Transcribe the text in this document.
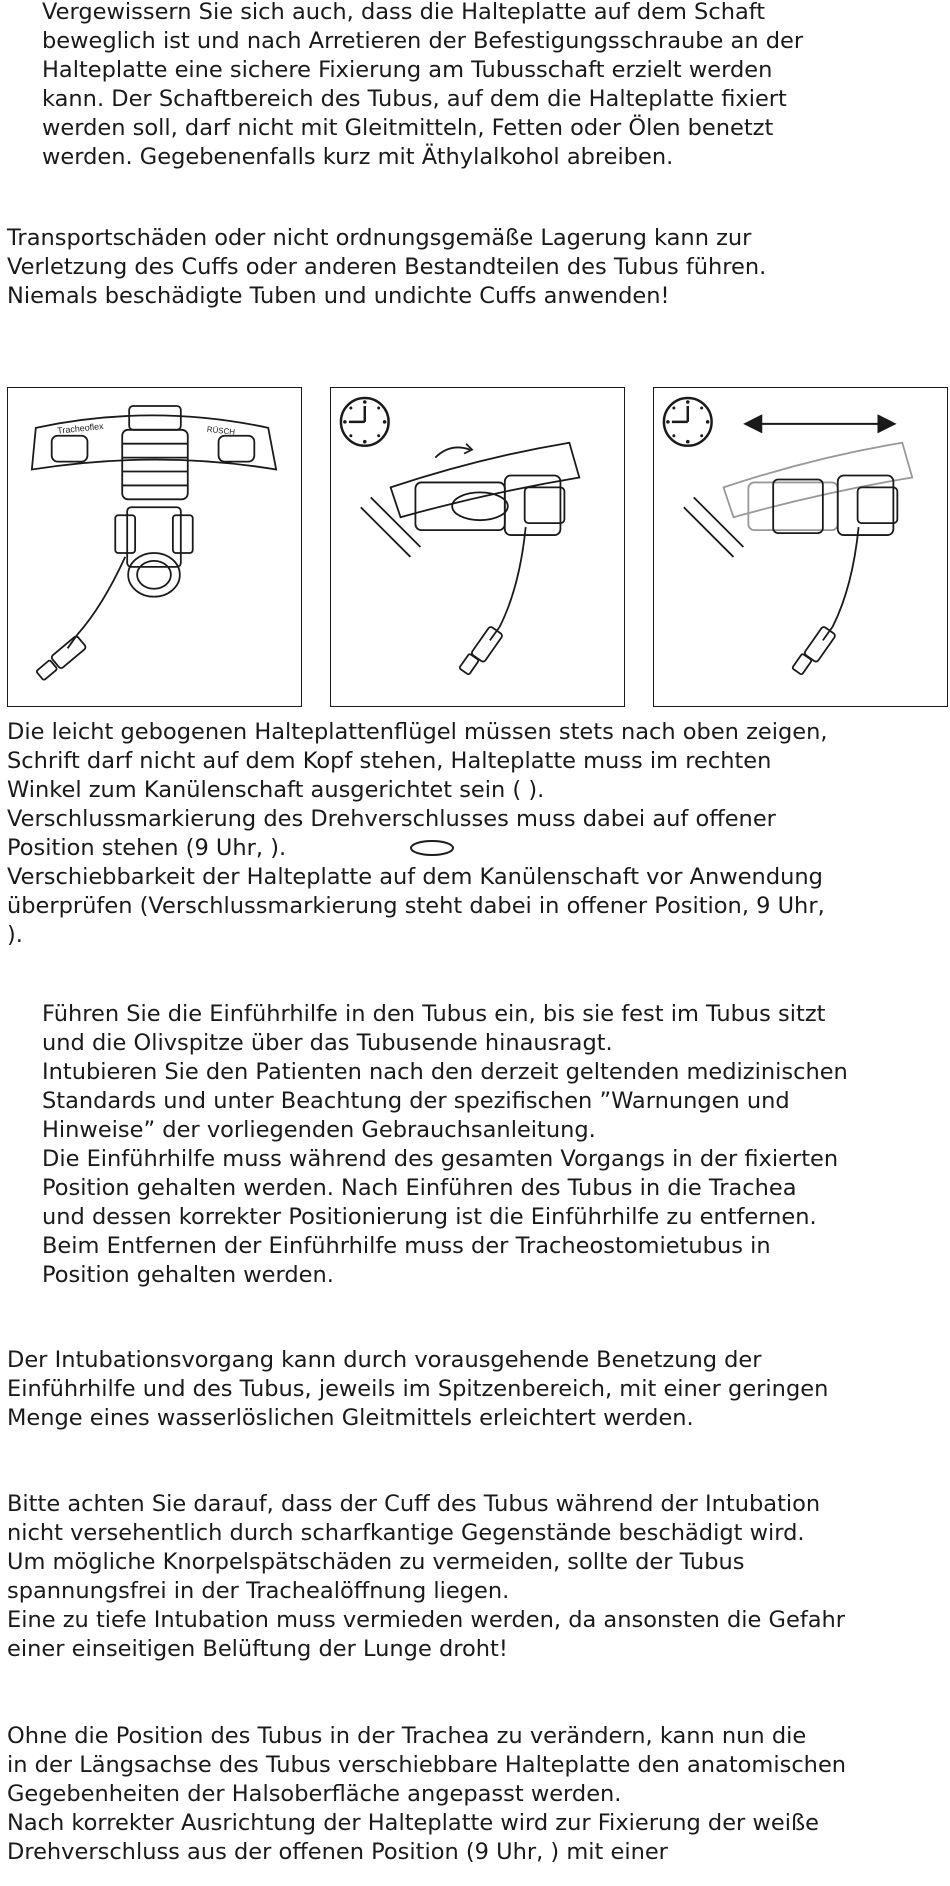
Vergewissern Sie sich auch, dass die Halteplatte auf dem Schaft
beweglich ist und nach Arretieren der Befestigungsschraube an der
Halteplatte eine sichere Fixierung am Tubusschaft erzielt werden
kann. Der Schaftbereich des Tubus, auf dem die Halteplatte fixiert
werden soll, darf nicht mit Gleitmitteln, Fetten oder Ölen benetzt
werden. Gegebenenfalls kurz mit Äthylalkohol abreiben.
Transportschäden oder nicht ordnungsgemäße Lagerung kann zur
Verletzung des Cuffs oder anderen Bestandteilen des Tubus führen.
Niemals beschädigte Tuben und undichte Cuffs anwenden!
Tracheoflex	RÜSCH
Die leicht gebogenen Halteplattenflügel müssen stets nach oben zeigen,
Schrift darf nicht auf dem Kopf stehen, Halteplatte muss im rechten
Winkel zum Kanülenschaft ausgerichtet sein ( ).
Verschlussmarkierung des Drehverschlusses muss dabei auf offener
Position stehen (9 Uhr, ).
Verschiebbarkeit der Halteplatte auf dem Kanülenschaft vor Anwendung
überprüfen (Verschlussmarkierung steht dabei in offener Position, 9 Uhr,
).
Führen Sie die Einführhilfe in den Tubus ein, bis sie fest im Tubus sitzt
und die Olivspitze über das Tubusende hinausragt.
Intubieren Sie den Patienten nach den derzeit geltenden medizinischen
Standards und unter Beachtung der spezifischen ”Warnungen und
Hinweise” der vorliegenden Gebrauchsanleitung.
Die Einführhilfe muss während des gesamten Vorgangs in der fixierten
Position gehalten werden. Nach Einführen des Tubus in die Trachea
und dessen korrekter Positionierung ist die Einführhilfe zu entfernen.
Beim Entfernen der Einführhilfe muss der Tracheostomietubus in
Position gehalten werden.
Der Intubationsvorgang kann durch vorausgehende Benetzung der
Einführhilfe und des Tubus, jeweils im Spitzenbereich, mit einer geringen
Menge eines wasserlöslichen Gleitmittels erleichtert werden.
Bitte achten Sie darauf, dass der Cuff des Tubus während der Intubation
nicht versehentlich durch scharfkantige Gegenstände beschädigt wird.
Um mögliche Knorpelspätschäden zu vermeiden, sollte der Tubus
spannungsfrei in der Trachealöffnung liegen.
Eine zu tiefe Intubation muss vermieden werden, da ansonsten die Gefahr
einer einseitigen Belüftung der Lunge droht!
Ohne die Position des Tubus in der Trachea zu verändern, kann nun die
in der Längsachse des Tubus verschiebbare Halteplatte den anatomischen
Gegebenheiten der Halsoberfläche angepasst werden.
Nach korrekter Ausrichtung der Halteplatte wird zur Fixierung der weiße
Drehverschluss aus der offenen Position (9 Uhr, ) mit einer
